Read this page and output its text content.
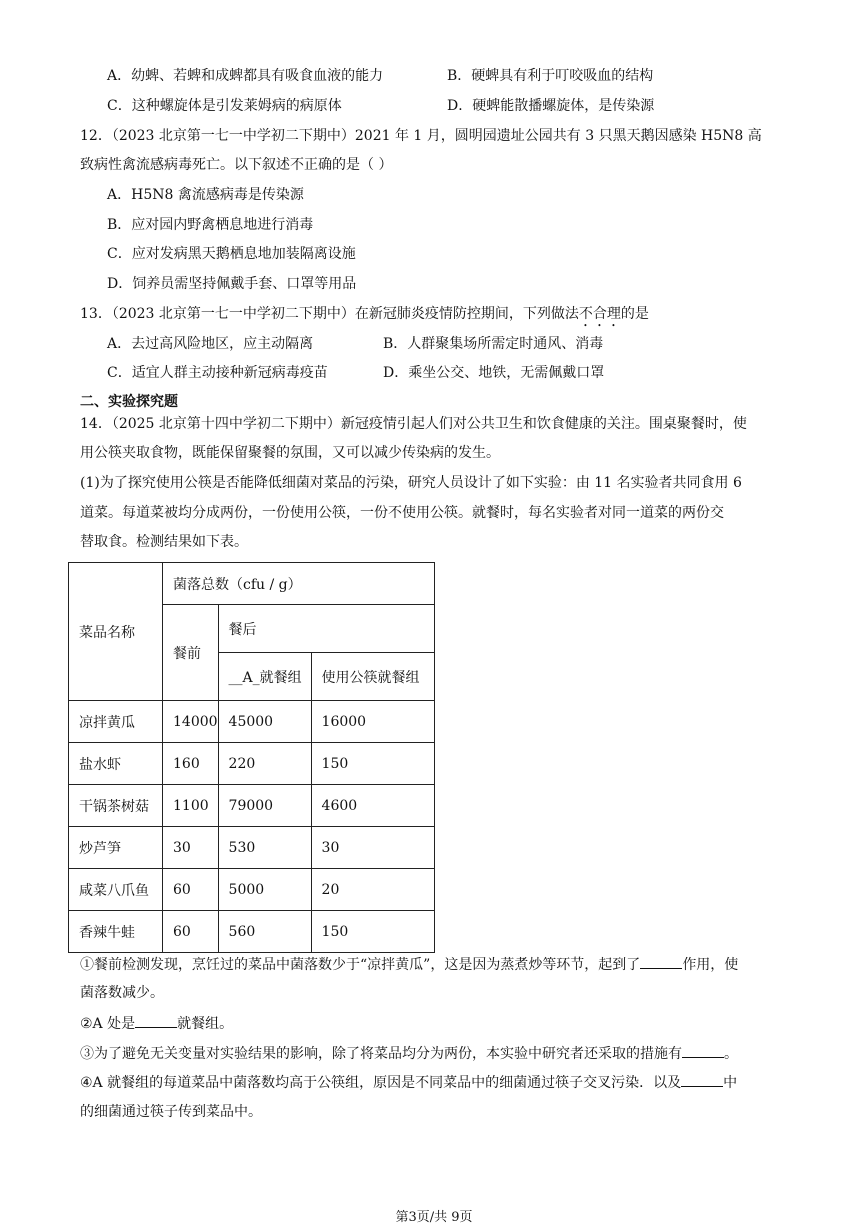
A．幼蜱、若蜱和成蜱都具有吸食血液的能力	B．硬蜱具有利于叮咬吸血的结构
C．这种螺旋体是引发莱姆病的病原体	D．硬蜱能散播螺旋体，是传染源
12．（2023 北京第一七一中学初二下期中）2021 年 1 月，圆明园遗址公园共有 3 只黑天鹅因感染 H5N8 高
致病性禽流感病毒死亡。以下叙述不正确的是（ ）
A．H5N8 禽流感病毒是传染源
B．应对园内野禽栖息地进行消毒
C．应对发病黑天鹅栖息地加装隔离设施
D．饲养员需坚持佩戴手套、口罩等用品
13．（2023 北京第一七一中学初二下期中）在新冠肺炎疫情防控期间，下列做法不合理的是
A．去过高风险地区，应主动隔离	B．人群聚集场所需定时通风、消毒
C．适宜人群主动接种新冠病毒疫苗	D．乘坐公交、地铁，无需佩戴口罩
二、实验探究题
14．（2025 北京第十四中学初二下期中）新冠疫情引起人们对公共卫生和饮食健康的关注。围桌聚餐时，使
用公筷夹取食物，既能保留聚餐的氛围，又可以减少传染病的发生。
(1)为了探究使用公筷是否能降低细菌对菜品的污染，研究人员设计了如下实验：由 11 名实验者共同食用 6
道菜。每道菜被均分成两份，一份使用公筷，一份不使用公筷。就餐时，每名实验者对同一道菜的两份交
替取食。检测结果如下表。
菜品名称	菌落总数（cfu / g）		
	餐前	餐后	
		__A_就餐组	使用公筷就餐组
凉拌黄瓜	14000	45000	16000
盐水虾	160	220	150
干锅茶树菇	1100	79000	4600
炒芦笋	30	530	30
咸菜八爪鱼	60	5000	20
香辣牛蛙	60	560	150
①餐前检测发现，烹饪过的菜品中菌落数少于“凉拌黄瓜”，这是因为蒸煮炒等环节，起到了	作用，使
菌落数减少。
②A 处是	就餐组。
③为了避免无关变量对实验结果的影响，除了将菜品均分为两份，本实验中研究者还采取的措施有	。
④A 就餐组的每道菜品中菌落数均高于公筷组，原因是不同菜品中的细菌通过筷子交叉污染．以及	中
的细菌通过筷子传到菜品中。
第3页/共 9页
